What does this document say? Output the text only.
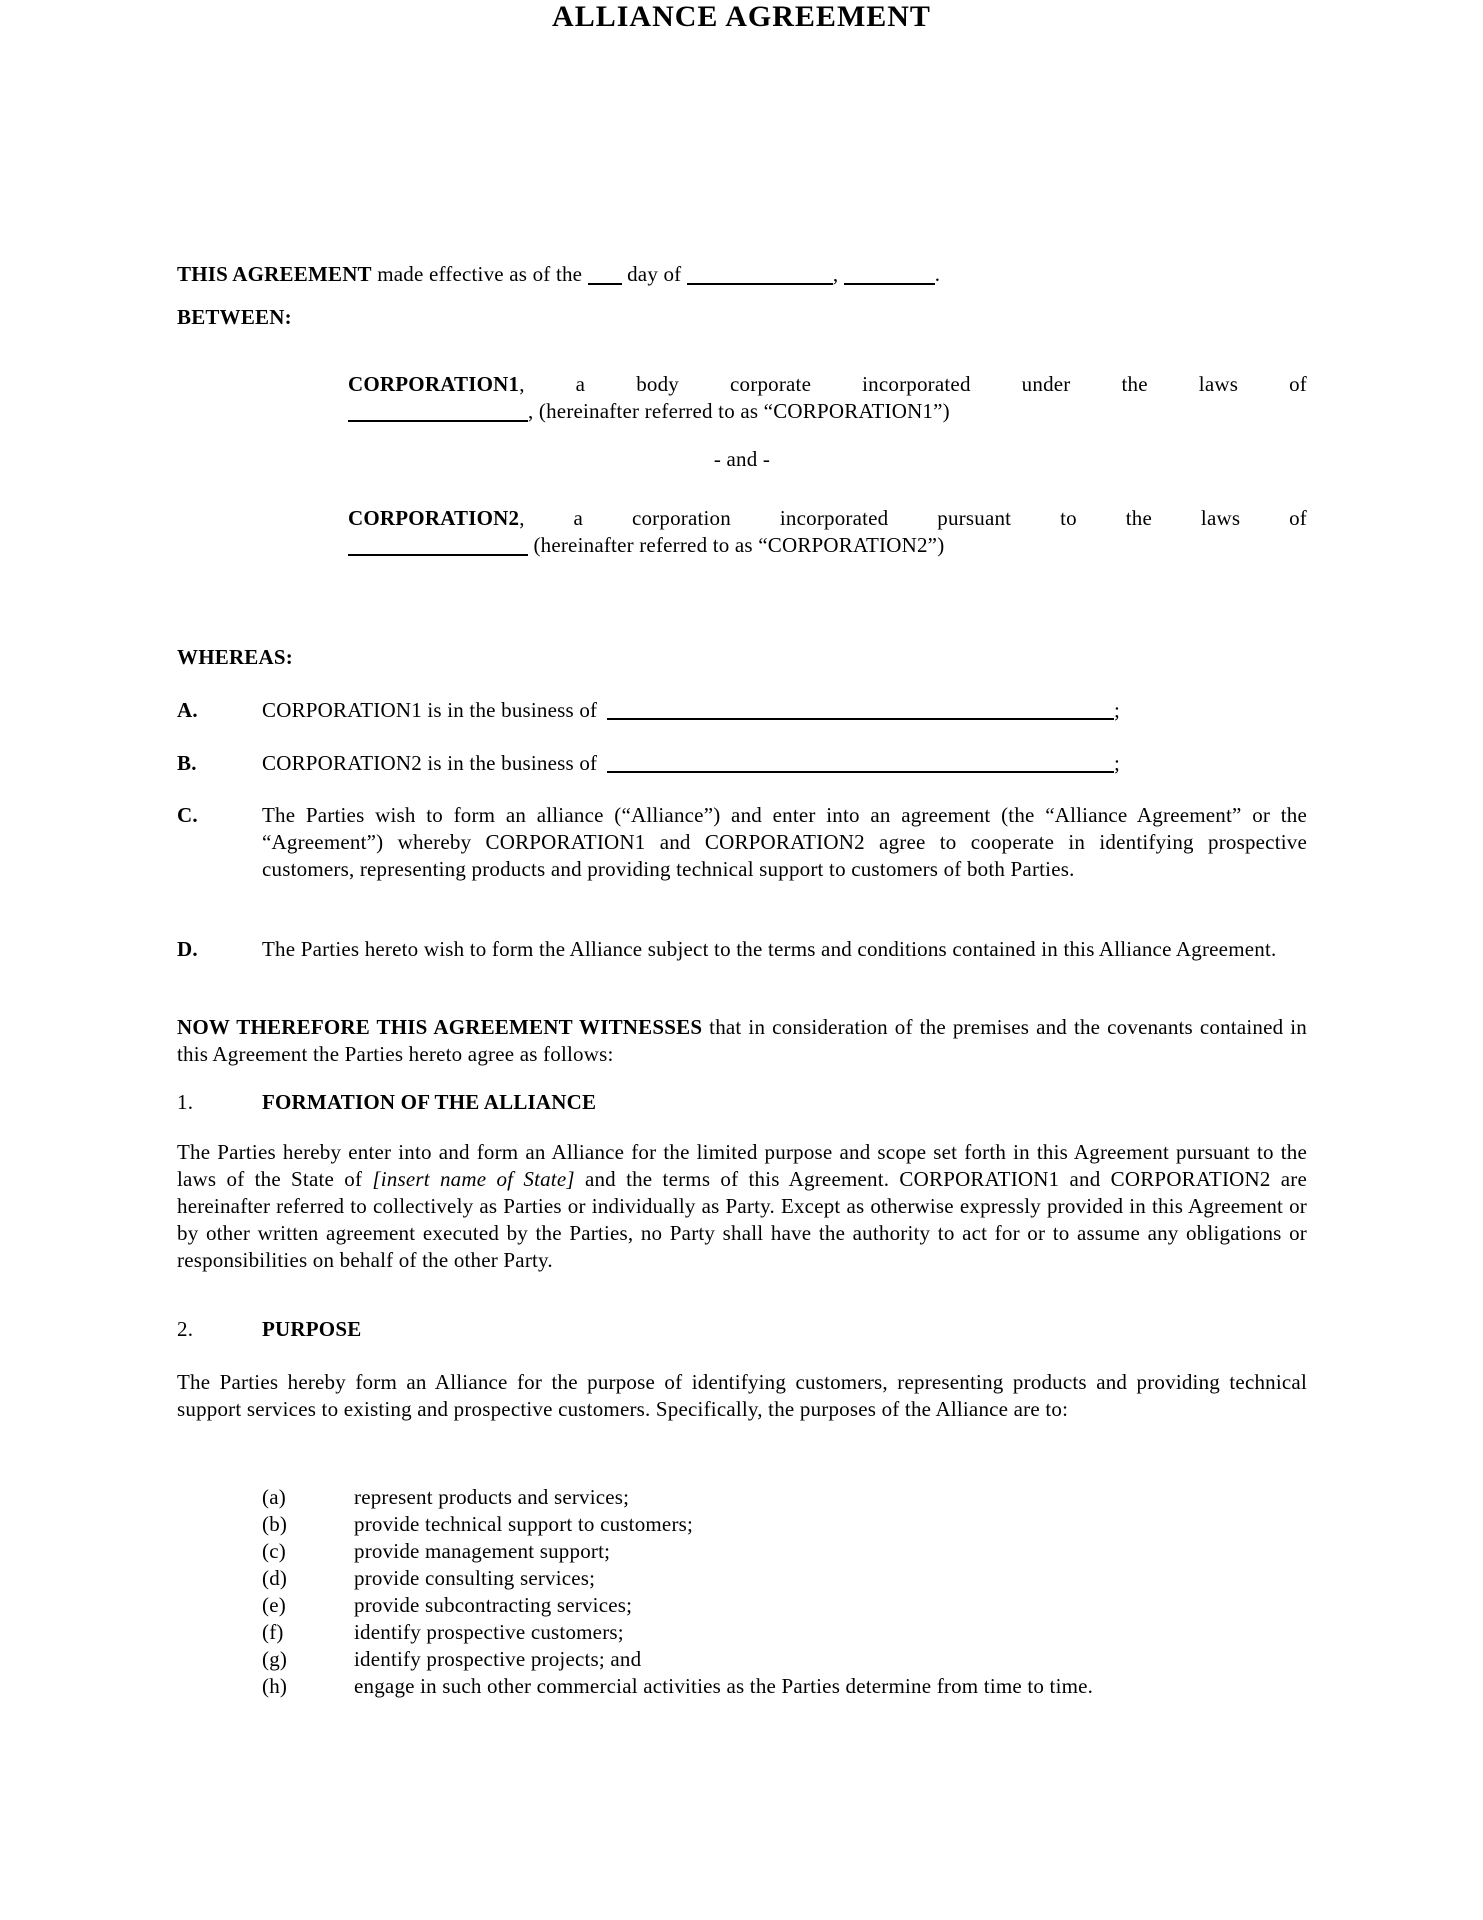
ALLIANCE AGREEMENT
THIS AGREEMENT made effective as of the day of	,	.
BETWEEN:
CORPORATION1, a body corporate incorporated under the laws of
, (hereinafter referred to as “CORPORATION1”)
- and -
CORPORATION2, a corporation incorporated pursuant to the laws of
(hereinafter referred to as “CORPORATION2”)
WHEREAS:
A.	CORPORATION1 is in the business of	;
B.	CORPORATION2 is in the business of	;
C.	The Parties wish to form an alliance (“Alliance”) and enter into an agreement (the “Alliance Agreement” or the “Agreement”) whereby CORPORATION1 and CORPORATION2 agree to cooperate in identifying prospective customers, representing products and providing technical support to customers of both Parties.
D.	The Parties hereto wish to form the Alliance subject to the terms and conditions contained in this Alliance Agreement.
NOW THEREFORE THIS AGREEMENT WITNESSES that in consideration of the premises and the covenants contained in this Agreement the Parties hereto agree as follows:
1.	FORMATION OF THE ALLIANCE
The Parties hereby enter into and form an Alliance for the limited purpose and scope set forth in this Agreement pursuant to the laws of the State of [insert name of State] and the terms of this Agreement. CORPORATION1 and CORPORATION2 are hereinafter referred to collectively as Parties or individually as Party. Except as otherwise expressly provided in this Agreement or by other written agreement executed by the Parties, no Party shall have the authority to act for or to assume any obligations or responsibilities on behalf of the other Party.
2.	PURPOSE
The Parties hereby form an Alliance for the purpose of identifying customers, representing products and providing technical support services to existing and prospective customers. Specifically, the purposes of the Alliance are to:
(a)	represent products and services;
(b)	provide technical support to customers;
(c)	provide management support;
(d)	provide consulting services;
(e)	provide subcontracting services;
(f)	identify prospective customers;
(g)	identify prospective projects; and
(h)	engage in such other commercial activities as the Parties determine from time to time.
